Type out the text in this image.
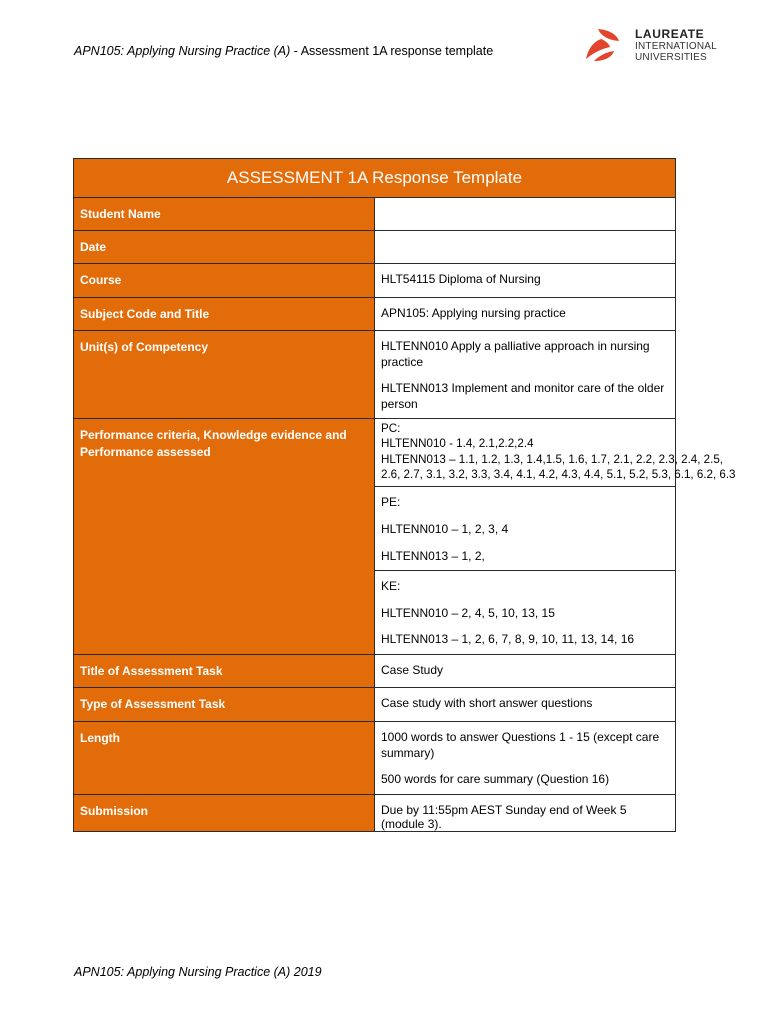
APN105: Applying Nursing Practice (A) - Assessment 1A response template
LAUREATE
INTERNATIONAL
UNIVERSITIES
ASSESSMENT 1A Response Template	
Student Name	
Date	
Course	HLT54115 Diploma of Nursing
Subject Code and Title	APN105: Applying nursing practice
Unit(s) of Competency	HLTENN010 Apply a palliative approach in nursing practice
HLTENN013 Implement and monitor care of the older person

Performance criteria, Knowledge evidence and Performance assessed	PC:
HLTENN010 - 1.4, 2.1,2.2,2.4
HLTENN013 – 1.1, 1.2, 1.3, 1.4,1.5, 1.6, 1.7, 2.1, 2.2, 2.3, 2.4, 2.5,
2.6, 2.7, 3.1, 3.2, 3.3, 3.4, 4.1, 4.2, 4.3, 4.4, 5.1, 5.2, 5.3, 6.1, 6.2, 6.3

	PE:
HLTENN010 – 1, 2, 3, 4
HLTENN013 – 1, 2,

	KE:
HLTENN010 – 2, 4, 5, 10, 13, 15
HLTENN013 – 1, 2, 6, 7, 8, 9, 10, 11, 13, 14, 16

Title of Assessment Task	Case Study
Type of Assessment Task	Case study with short answer questions
Length	1000 words to answer Questions 1 - 15 (except care summary)
500 words for care summary (Question 16)

Submission	Due by 11:55pm AEST Sunday end of Week 5 (module 3).
APN105: Applying Nursing Practice (A) 2019
